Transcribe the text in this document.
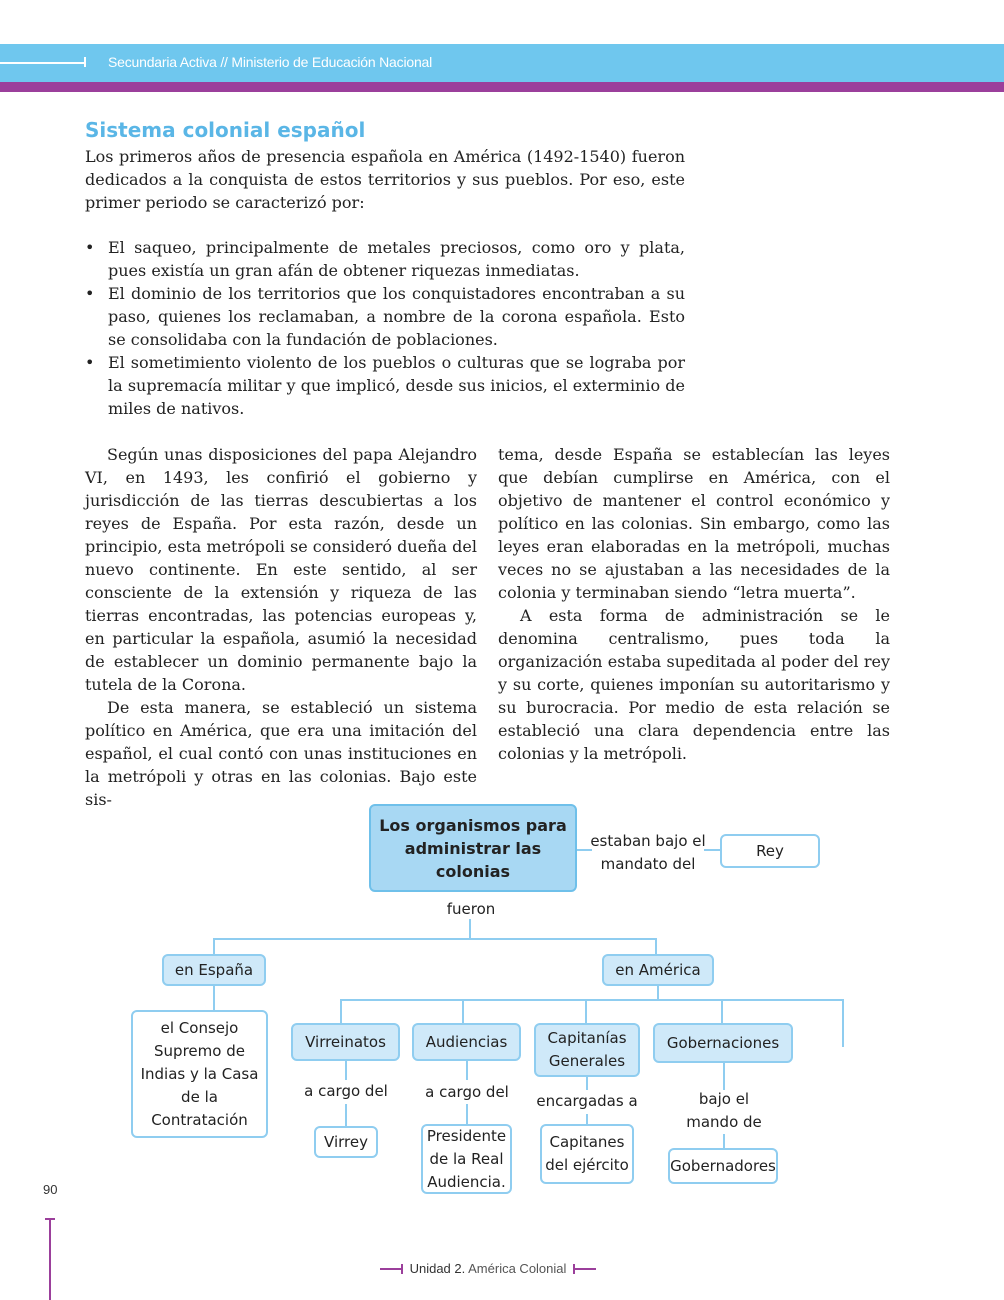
Secundaria Activa // Ministerio de Educación Nacional
Sistema colonial español
Los primeros años de presencia española en América (1492-1540) fueron dedicados a la conquista de estos territorios y sus pueblos. Por eso, este primer periodo se caracterizó por:
• El saqueo, principalmente de metales preciosos, como oro y plata, pues existía un gran afán de obtener riquezas inmediatas.
• El dominio de los territorios que los conquistadores encontraban a su paso, quienes los reclamaban, a nombre de la corona española. Esto se consolidaba con la fundación de poblaciones.
• El sometimiento violento de los pueblos o culturas que se lograba por la supremacía militar y que implicó, desde sus inicios, el exterminio de miles de nativos.

Según unas disposiciones del papa Alejandro VI, en 1493, les confirió el gobierno y jurisdicción de las tierras descubiertas a los reyes de España. Por esta razón, desde un principio, esta metrópoli se consideró dueña del nuevo continente. En este sentido, al ser consciente de la extensión y riqueza de las tierras encontradas, las potencias europeas y, en particular la española, asumió la necesidad de establecer un dominio permanente bajo la tutela de la Corona.

De esta manera, se estableció un sistema político en América, que era una imitación del español, el cual contó con unas instituciones en la metrópoli y otras en las colonias. Bajo este sis-

tema, desde España se establecían las leyes que debían cumplirse en América, con el objetivo de mantener el control económico y político en las colonias. Sin embargo, como las leyes eran elaboradas en la metrópoli, muchas veces no se ajustaban a las necesidades de la colonia y terminaban siendo “letra muerta”.

A esta forma de administración se le denomina centralismo, pues toda la organización estaba supeditada al poder del rey y su corte, quienes imponían su autoritarismo y su burocracia. Por medio de esta relación se estableció una clara dependencia entre las colonias y la metrópoli.

Los organismos para administrar las colonias
estaban bajo el mandato del
Rey
fueron
en España	en América
el Consejo Supremo de Indias y la Casa de la Contratación
Virreinatos	Audiencias	Capitanías Generales
Gobernaciones
a cargo del	a cargo del	encargadas a	bajo el mando de
Virrey	Presidente de la Real Audiencia.
Capitanes del ejército	Gobernadores
90
Unidad 2. América Colonial
